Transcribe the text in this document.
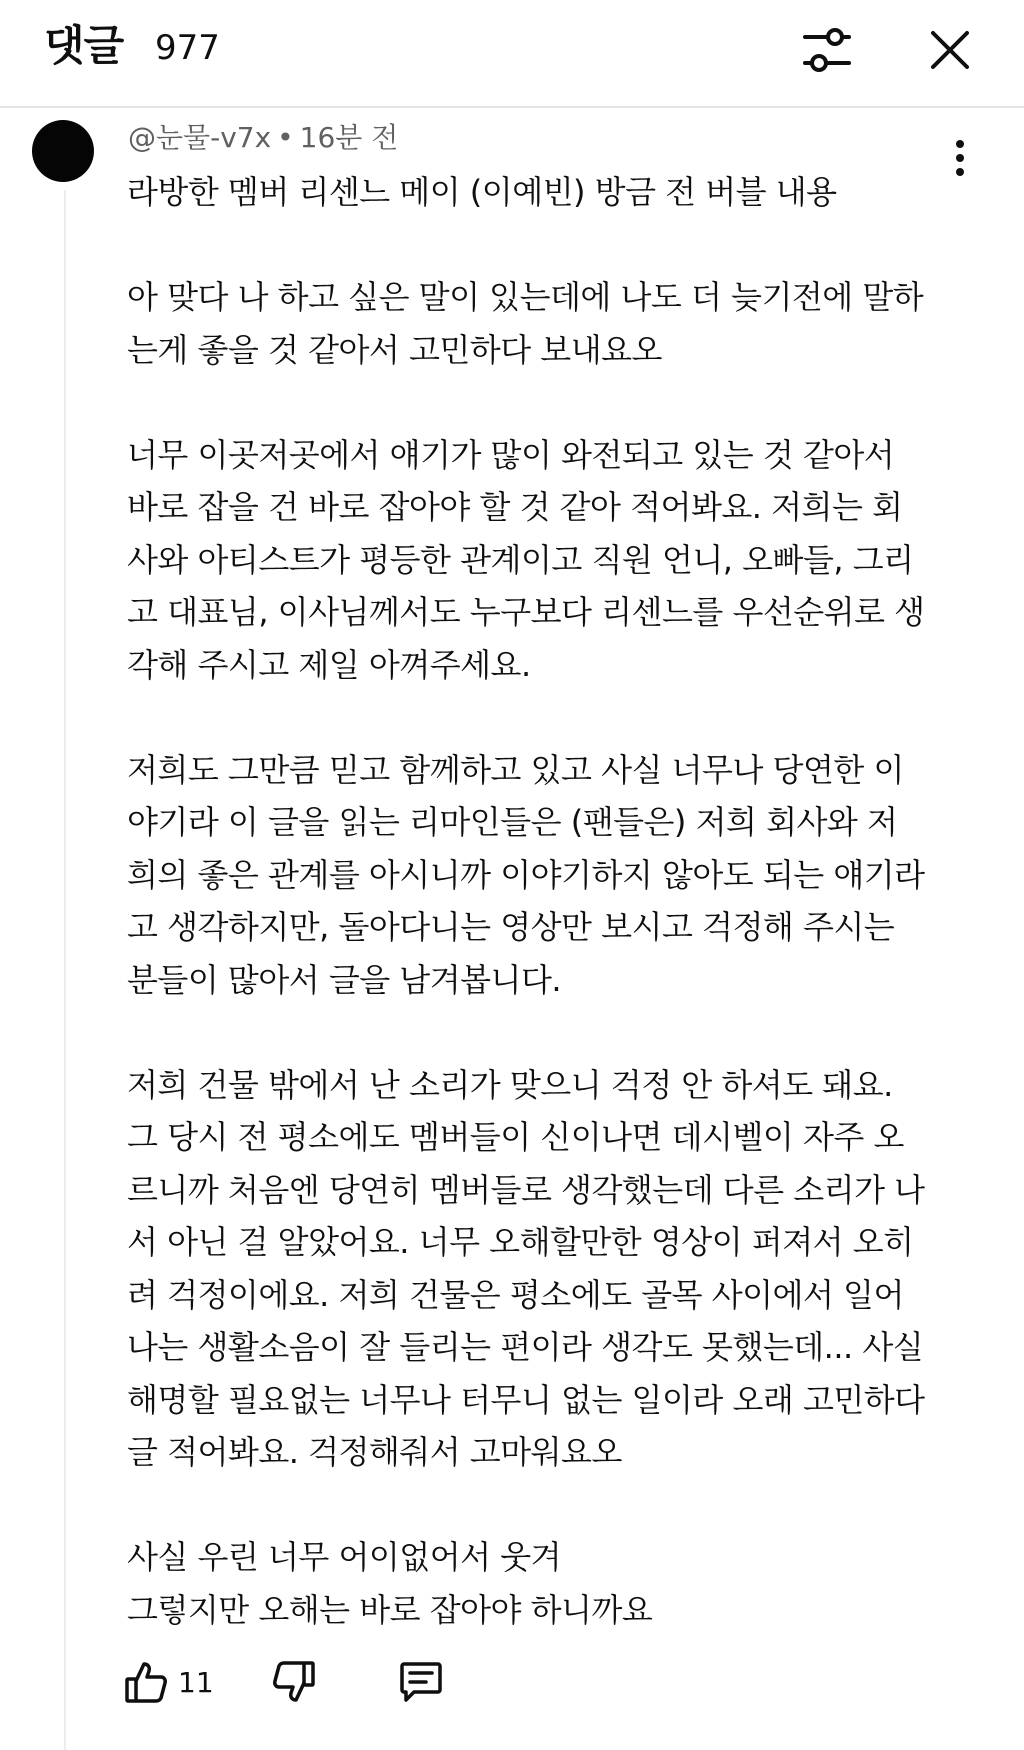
댓글 977
@눈물-v7x • 16분 전
라방한 멤버 리센느 메이 (이예빈) 방금 전 버블 내용
아 맞다 나 하고 싶은 말이 있는데에 나도 더 늦기전에 말하
는게 좋을 것 같아서 고민하다 보내요오
너무 이곳저곳에서 얘기가 많이 와전되고 있는 것 같아서
바로 잡을 건 바로 잡아야 할 것 같아 적어봐요. 저희는 회
사와 아티스트가 평등한 관계이고 직원 언니, 오빠들, 그리
고 대표님, 이사님께서도 누구보다 리센느를 우선순위로 생
각해 주시고 제일 아껴주세요.
저희도 그만큼 믿고 함께하고 있고 사실 너무나 당연한 이
야기라 이 글을 읽는 리마인들은 (팬들은) 저희 회사와 저
희의 좋은 관계를 아시니까 이야기하지 않아도 되는 얘기라
고 생각하지만, 돌아다니는 영상만 보시고 걱정해 주시는
분들이 많아서 글을 남겨봅니다.
저희 건물 밖에서 난 소리가 맞으니 걱정 안 하셔도 돼요.
그 당시 전 평소에도 멤버들이 신이나면 데시벨이 자주 오
르니까 처음엔 당연히 멤버들로 생각했는데 다른 소리가 나
서 아닌 걸 알았어요. 너무 오해할만한 영상이 퍼져서 오히
려 걱정이에요. 저희 건물은 평소에도 골목 사이에서 일어
나는 생활소음이 잘 들리는 편이라 생각도 못했는데... 사실
해명할 필요없는 너무나 터무니 없는 일이라 오래 고민하다
글 적어봐요. 걱정해줘서 고마워요오
사실 우린 너무 어이없어서 웃겨
그렇지만 오해는 바로 잡아야 하니까요
11
